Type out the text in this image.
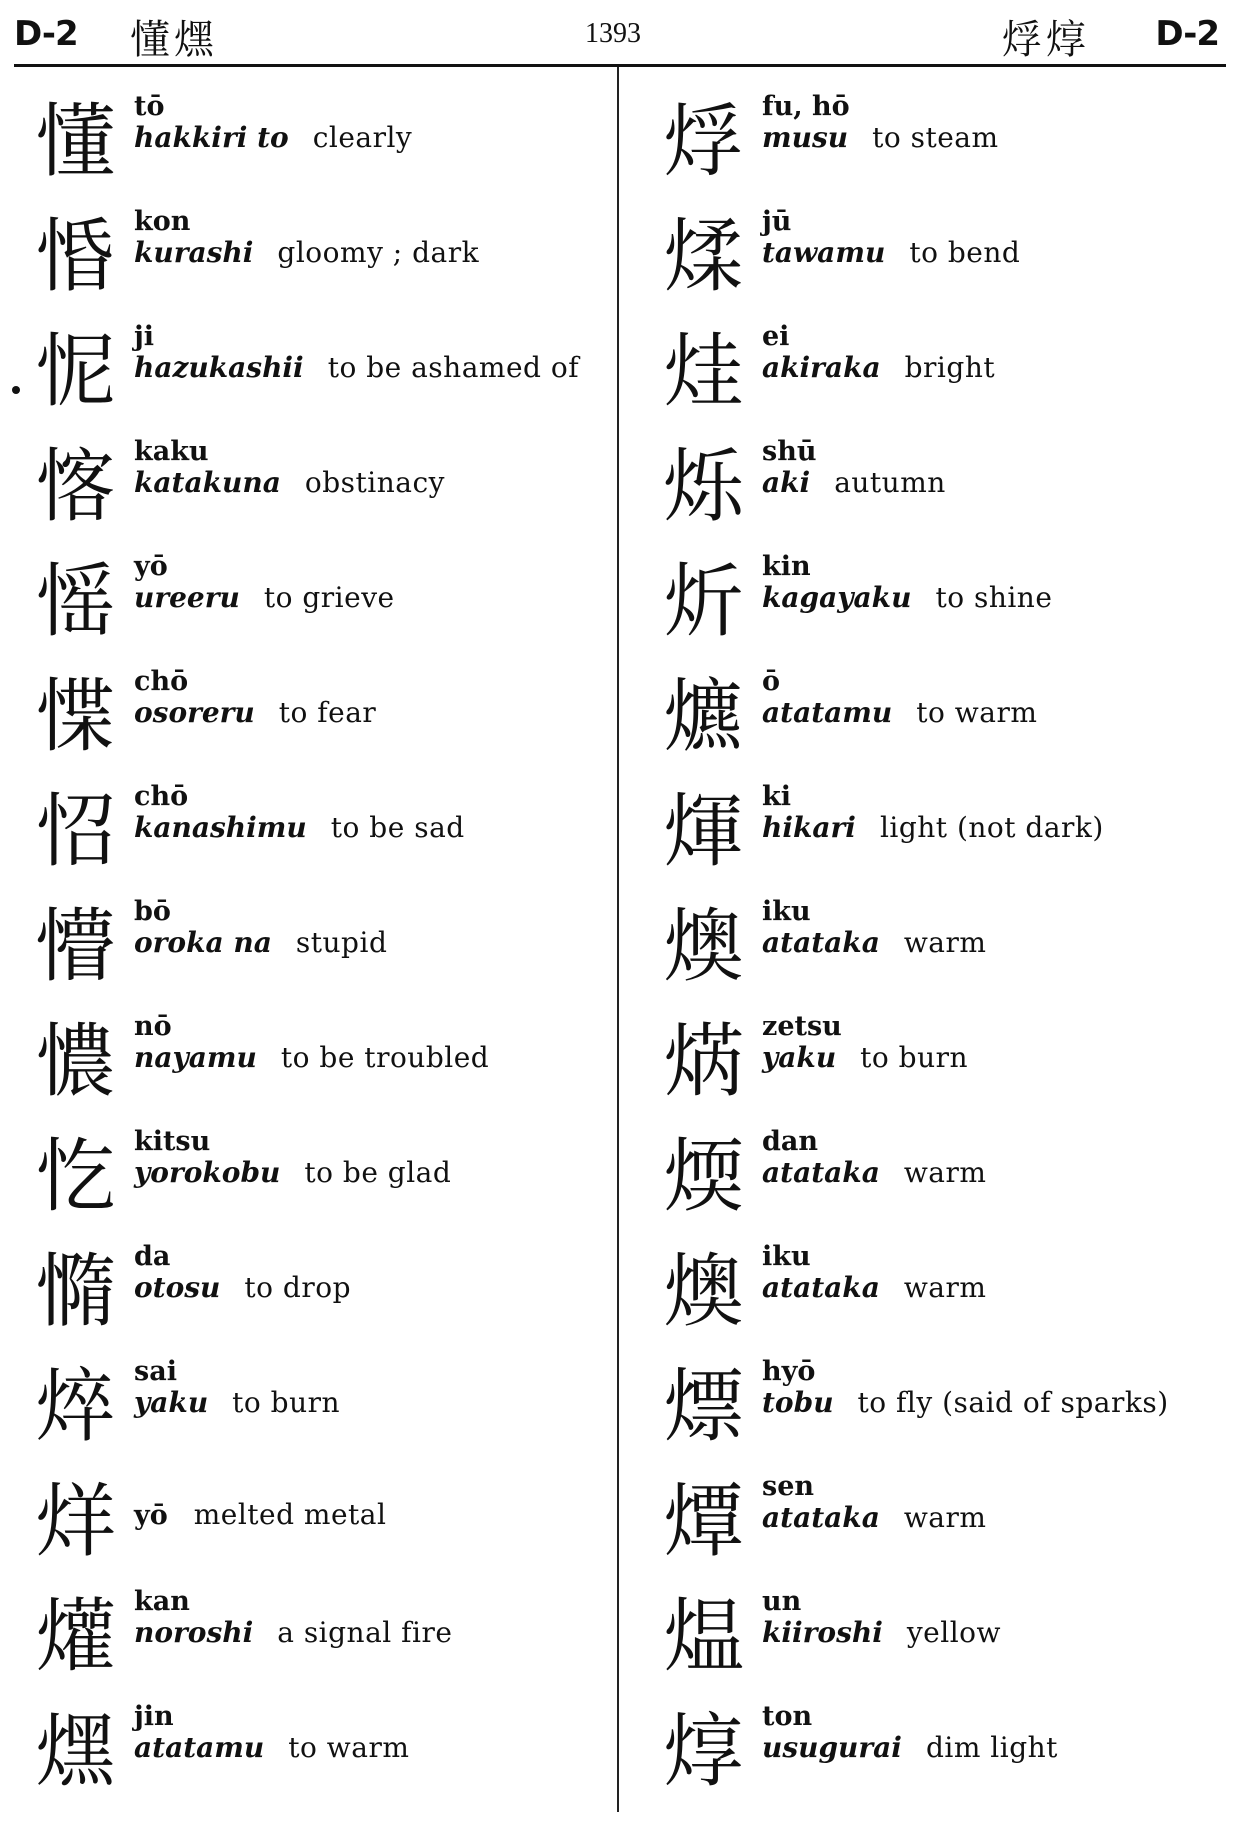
D-2 懂㷵	1393	烰焞 D-2
懂 tō
hakkiri to clearly
惛 kon
kurashi gloomy ; dark
怩 ji
hazukashii to be ashamed of
愘 kaku
katakuna obstinacy
愮 yō
ureeru to grieve
惵 chō
osoreru to fear
怊 chō
kanashimu to be sad
懵 bō
oroka na stupid
憹 nō
nayamu to be troubled
忔 kitsu
yorokobu to be glad
憜 da
otosu to drop
焠 sai
yaku to burn
烊 yō melted metal
爟 kan
noroshi a signal fire
㷵 jin
atatamu to warm
烰 fu, hō
musu to steam
煣 jū
tawamu to bend
烓 ei
akiraka bright
烁 shū
aki autumn
炘 kin
kagayaku to shine
爊 ō
atatamu to warm
煇 ki
hikari light (not dark)
燠 iku
atataka warm
焫 zetsu
yaku to burn
煗 dan
atataka warm
燠 iku
atataka warm
熛 hyō
tobu to fly (said of sparks)
燂 sen
atataka warm
煴 un
kiiroshi yellow
焞 ton
usugurai dim light
